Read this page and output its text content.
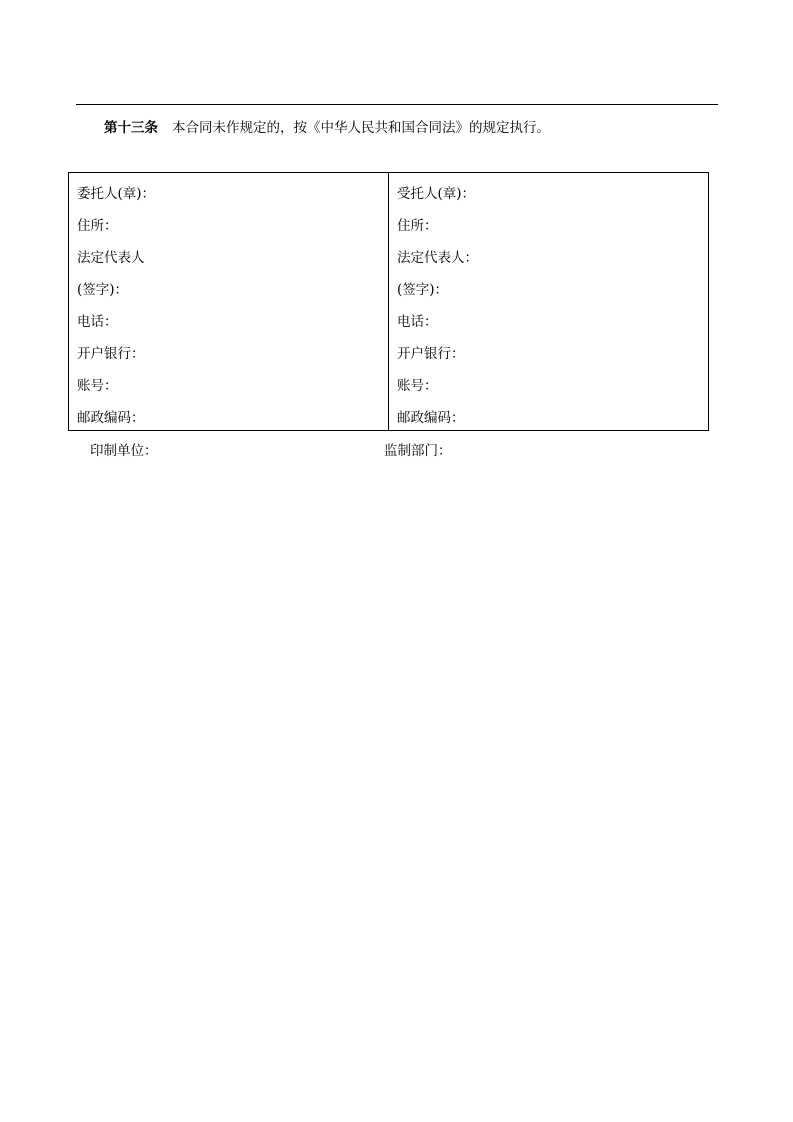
第十三条 本合同未作规定的，按《中华人民共和国合同法》的规定执行。
委托人(章)：
住所：
法定代表人
(签字)：
电话：
开户银行：
账号：
邮政编码：
受托人(章)：
住所：
法定代表人：
(签字)：
电话：
开户银行：
账号：
邮政编码：
印制单位：	监制部门：
